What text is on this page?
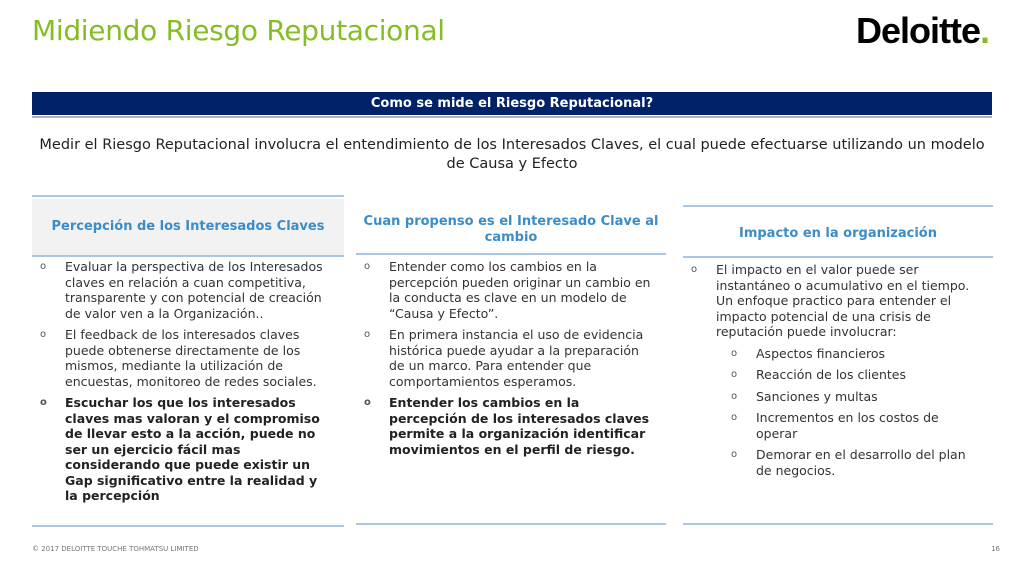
Midiendo Riesgo Reputacional	Deloitte.
Como se mide el Riesgo Reputacional?
Medir el Riesgo Reputacional involucra el entendimiento de los Interesados Claves, el cual puede efectuarse utilizando un modelo de Causa y Efecto
Percepción de los Interesados Claves
o Evaluar la perspectiva de los Interesados claves en relación a cuan competitiva, transparente y con potencial de creación de valor ven a la Organización..
o El feedback de los interesados claves puede obtenerse directamente de los mismos, mediante la utilización de encuestas, monitoreo de redes sociales.
o Escuchar los que los interesados claves mas valoran y el compromiso de llevar esto a la acción, puede no ser un ejercicio fácil mas considerando que puede existir un Gap significativo entre la realidad y la percepción
Cuan propenso es el Interesado Clave al cambio
o Entender como los cambios en la percepción pueden originar un cambio en la conducta es clave en un modelo de “Causa y Efecto”.
o En primera instancia el uso de evidencia histórica puede ayudar a la preparación de un marco. Para entender que comportamientos esperamos.
o Entender los cambios en la percepción de los interesados claves permite a la organización identificar movimientos en el perfil de riesgo.
Impacto en la organización
o El impacto en el valor puede ser instantáneo o acumulativo en el tiempo. Un enfoque practico para entender el impacto potencial de una crisis de reputación puede involucrar:
o Aspectos financieros
o Reacción de los clientes
o Sanciones y multas
o Incrementos en los costos de operar
o Demorar en el desarrollo del plan de negocios.
© 2017 DELOITTE TOUCHE TOHMATSU LIMITED	16
